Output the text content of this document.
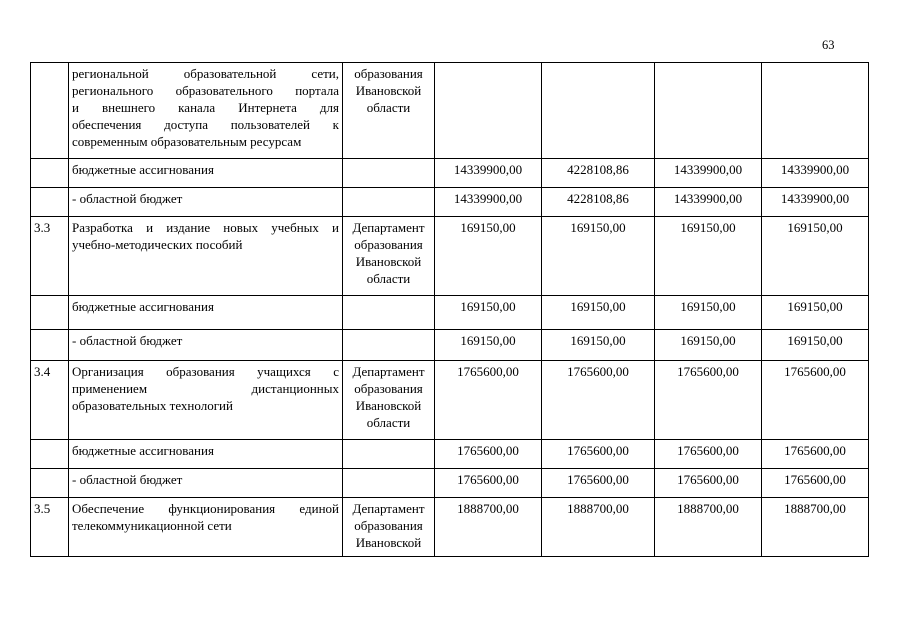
63

	региональной образовательной сети,
регионального образовательного портала
и внешнего канала Интернета для
обеспечения доступа пользователей к
современным образовательным ресурсам	образования
Ивановской
области				

	бюджетные ассигнования		14339900,00	4228108,86	14339900,00	14339900,00
	- областной бюджет		14339900,00	4228108,86	14339900,00	14339900,00
3.3	Разработка и издание новых учебных и
учебно-методических пособий	Департамент
образования
Ивановской
области	169150,00	169150,00	169150,00	169150,00
	бюджетные ассигнования		169150,00	169150,00	169150,00	169150,00
	- областной бюджет		169150,00	169150,00	169150,00	169150,00
3.4	Организация образования учащихся с
применением дистанционных
образовательных технологий	Департамент
образования
Ивановской
области	1765600,00	1765600,00	1765600,00	1765600,00
	бюджетные ассигнования		1765600,00	1765600,00	1765600,00	1765600,00
	- областной бюджет		1765600,00	1765600,00	1765600,00	1765600,00
3.5	Обеспечение функционирования единой
телекоммуникационной сети	Департамент
образования
Ивановской	1888700,00	1888700,00	1888700,00	1888700,00
